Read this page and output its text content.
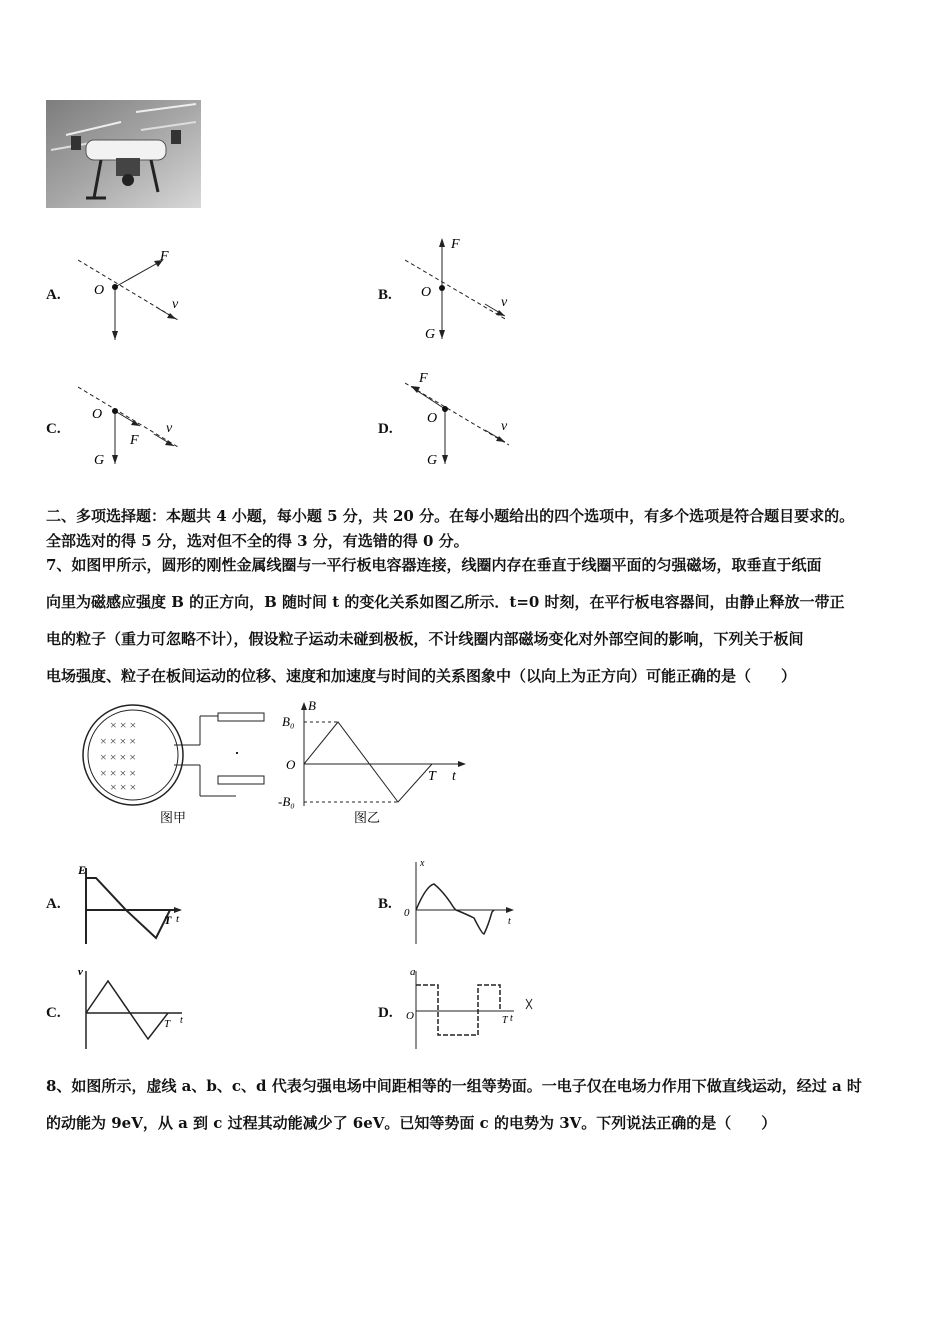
A.
F
O
v
B.
F
O
v
G
C.
O
F
v
G
D.
F
O
v
G
二、多项选择题：本题共 4 小题，每小题 5 分，共 20 分。在每小题给出的四个选项中，有多个选项是符合题目要求的。
全部选对的得 5 分，选对但不全的得 3 分，有选错的得 0 分。
7、如图甲所示，圆形的刚性金属线圈与一平行板电容器连接，线圈内存在垂直于线圈平面的匀强磁场，取垂直于纸面
向里为磁感应强度 B 的正方向，B 随时间 t 的变化关系如图乙所示．t=0 时刻，在平行板电容器间，由静止释放一带正
电的粒子（重力可忽略不计），假设粒子运动未碰到极板，不计线圈内部磁场变化对外部空间的影响，下列关于板间
电场强度、粒子在板间运动的位移、速度和加速度与时间的关系图象中（以向上为正方向）可能正确的是（　　）
× × ×
× × × ×
× × × ×
× × × ×
× × ×
图甲
B
B₀
O
-B₀
T t
图乙
A.
E
T t
B.
x
0
t
C.
v
T t	D.
a
O	T t
8、如图所示，虚线 a、b、c、d 代表匀强电场中间距相等的一组等势面。一电子仅在电场力作用下做直线运动，经过 a 时
的动能为 9eV，从 a 到 c 过程其动能减少了 6eV。已知等势面 c 的电势为 3V。下列说法正确的是（　　）
